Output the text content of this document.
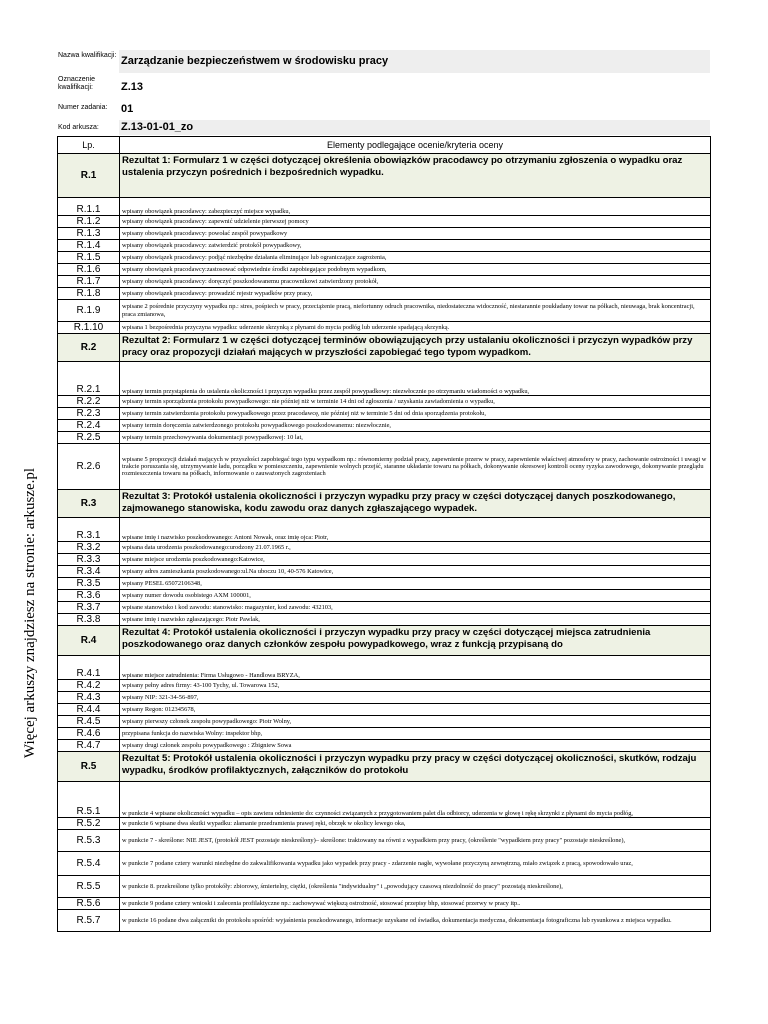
Więcej arkuszy znajdziesz na stronie: arkusze.pl
Nazwa kwalifikacji: Zarządzanie bezpieczeństwem w środowisku pracy
Oznaczenie kwalifikacji:	Z.13
Numer zadania:	01
Kod arkusza:	Z.13-01-01_zo
Lp.	Elementy podlegające ocenie/kryteria oceny
R.1	Rezultat 1: Formularz 1 w części dotyczącej określenia obowiązków pracodawcy po otrzymaniu zgłoszenia o wypadku oraz ustalenia przyczyn pośrednich i bezpośrednich wypadku.
R.1.1	wpisany obowiązek pracodawcy: zabezpieczyć miejsce wypadku,
R.1.2	wpisany obowiązek pracodawcy: zapewnić udzielenie pierwszej pomocy
R.1.3	wpisany obowiązek pracodawcy: powołać zespół powypadkowy
R.1.4	wpisany obowiązek pracodawcy: zatwierdzić protokół powypadkowy,
R.1.5	wpisany obowiązek pracodawcy: podjąć niezbędne działania eliminujące lub ograniczające zagrożenia,
R.1.6	wpisany obowiązek pracodawcy:zastosować odpowiednie środki zapobiegające podobnym wypadkom,
R.1.7	wpisany obowiązek pracodawcy: doręczyć poszkodowanemu pracownikowi zatwierdzony protokół,
R.1.8	wpisany obowiązek pracodawcy: prowadzić rejestr wypadków przy pracy,
R.1.9	wpisane 2 pośrednie przyczyny wypadku np.: stres, pośpiech w pracy, przeciążenie pracą, niefortunny odruch pracownika, niedostateczna widoczność, niestarannie poukładany towar na półkach, nieuwaga, brak koncentracji, praca zmianowa,
R.1.10	wpisana 1 bezpośrednia przyczyna wypadku: uderzenie skrzynką z płynami do mycia podłóg lub uderzenie spadającą skrzynką.
R.2	Rezultat 2: Formularz 1 w części dotyczącej terminów obowiązujących przy ustalaniu okoliczności i przyczyn wypadków przy pracy oraz propozycji działań mających w przyszłości zapobiegać tego typom wypadkom.
R.2.1	wpisany termin przystąpienia do ustalenia okoliczności i przyczyn wypadku przez zespół powypadkowy: niezwłocznie po otrzymaniu wiadomości o wypadku,
R.2.2	wpisany termin sporządzenia protokołu powypadkowego: nie później niż w terminie 14 dni od zgłoszenia / uzyskania zawiadomienia o wypadku,
R.2.3	wpisany termin zatwierdzenia protokołu powypadkowego przez pracodawcę, nie później niż w terminie 5 dni od dnia sporządzenia protokołu,
R.2.4	wpisany termin doręczenia zatwierdzonego protokołu powypadkowego poszkodowanemu: niezwłocznie,
R.2.5	wpisany termin przechowywania dokumentacji powypadkowej: 10 lat,
R.2.6	wpisane 5 propozycji działań mających w przyszłości zapobiegać tego typu wypadkom np.: równomierny podział pracy, zapewnienie przerw w pracy, zapewnienie właściwej atmosfery w pracy, zachowanie ostrożności i uwagi w trakcie poruszania się, utrzymywanie ładu, porządku w pomieszczeniu, zapewnienie wolnych przejść, staranne układanie towaru na półkach, dokonywanie okresowej kontroli oceny ryzyka zawodowego, dokonywanie przeglądu rozmieszczenia towaru na półkach, informowanie o zauważonych zagrożeniach
R.3	Rezultat 3: Protokół ustalenia okoliczności i przyczyn wypadku przy pracy w części dotyczącej danych poszkodowanego, zajmowanego stanowiska, kodu zawodu oraz danych zgłaszającego wypadek.
R.3.1	wpisane imię i nazwisko poszkodowanego: Antoni Nowak, oraz imię ojca: Piotr,
R.3.2	wpisana data urodzenia poszkodowanego:urodzony 21.07.1965 r.,
R.3.3	wpisane miejsce urodzenia poszkodowanego:Katowice,
R.3.4	wpisany adres zamieszkania poszkodowanego:ul.Na uboczu 10, 40-576 Katowice,
R.3.5	wpisany PESEL 65072106348,
R.3.6	wpisany numer dowodu osobistego AXM 100001,
R.3.7	wpisane stanowisko i kod zawodu: stanowisko: magazynier, kod zawodu: 432103,
R.3.8	wpisane imię i nazwisko zgłaszającego: Piotr Pawlak,
R.4	Rezultat 4: Protokół ustalenia okoliczności i przyczyn wypadku przy pracy w części dotyczącej miejsca zatrudnienia poszkodowanego oraz danych członków zespołu powypadkowego, wraz z funkcją przypisaną do
R.4.1	wpisane miejsce zatrudnienia: Firma Usługowo - Handlowa BRYZA,
R.4.2	wpisany pełny adres firmy: 43-100 Tychy, ul. Towarowa 152,
R.4.3	wpisany NIP: 321-34-56-897,
R.4.4	wpisany Regon: 012345678,
R.4.5	wpisany pierwszy członek zespołu powypadkowego: Piotr Wolny,
R.4.6	przypisana funkcja do nazwiska Wolny: inspektor bhp,
R.4.7	wpisany drugi członek zespołu powypadkowego : Zbigniew Sowa
R.5	Rezultat 5: Protokół ustalenia okoliczności i przyczyn wypadku przy pracy w części dotyczącej okoliczności, skutków, rodzaju wypadku, środków profilaktycznych, załączników do protokołu
R.5.1	w punkcie 4 wpisane okoliczności wypadku – opis zawiera odniesienie do: czynności związanych z przygotowaniem palet dla odbiorcy, uderzenia w głowę i rękę skrzynki z płynami do mycia podłóg,
R.5.2	w punkcie 6 wpisane dwa skutki wypadku: złamanie przedramienia prawej ręki, obrzęk w okolicy lewego oka,
R.5.3	w punkcie 7 - skreślone: NIE JEST, (protokół JEST pozostaje nieskreślony)– skreślone: traktowany na równi z wypadkiem przy pracy, (określenie "wypadkiem przy pracy" pozostaje nieskreślone),
R.5.4	w punkcie 7 podane cztery warunki niezbędne do zakwalifikowania wypadku jako wypadek przy pracy - zdarzenie nagłe, wywołane przyczyną zewnętrzną, miało związek z pracą, spowodowało uraz,
R.5.5	w punkcie 8. przekreślone tylko protokóły: zbiorowy, śmiertelny, ciężki, (określenia "indywidualny" i „powodujący czasową niezdolność do pracy" pozostają nieskreślone),
R.5.6	w punkcie 9 podane cztery wnioski i zalecenia profilaktyczne np.: zachowywać większą ostrożność, stosować przepisy bhp, stosować przerwy w pracy itp..
R.5.7	w punkcie 16 podane dwa załączniki do protokołu spośród: wyjaśnienia poszkodowanego, informacje uzyskane od świadka, dokumentacja medyczna, dokumentacja fotograficzna lub rysunkowa z miejsca wypadku.
